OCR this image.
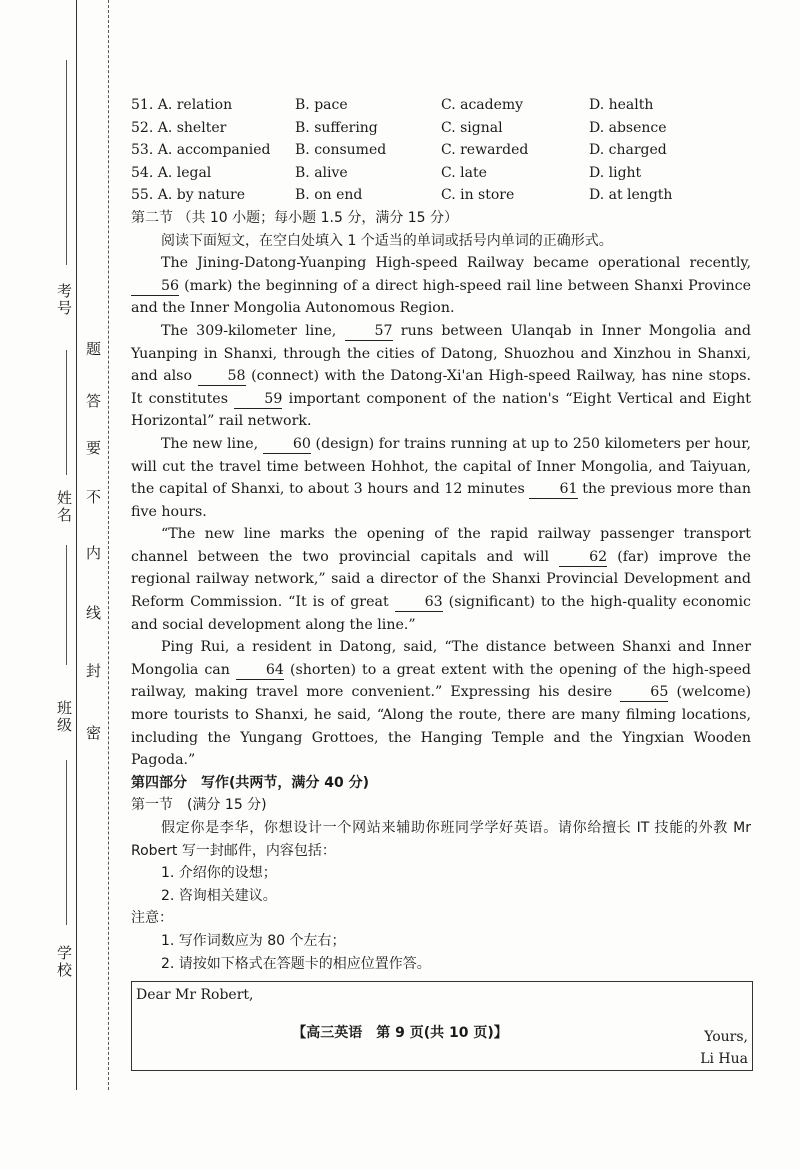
考号
姓名
班级
学校
密
封
线
内
不
要
答
题
51. A. relation	B. pace	C. academy	D. health
52. A. shelter	B. suffering	C. signal	D. absence
53. A. accompanied	B. consumed	C. rewarded	D. charged
54. A. legal	B. alive	C. late	D. light
55. A. by nature	B. on end	C. in store	D. at length

第二节 （共 10 小题；每小题 1.5 分，满分 15 分）

阅读下面短文，在空白处填入 1 个适当的单词或括号内单词的正确形式。

The Jining-Datong-Yuanping High-speed Railway became operational recently, 56 (mark) the beginning of a direct high-speed rail line between Shanxi Province and the Inner Mongolia Autonomous Region.

The 309-kilometer line,	57 runs between Ulanqab in Inner Mongolia and Yuanping in Shanxi, through the cities of Datong, Shuozhou and Xinzhou in Shanxi, and also	58 (connect) with the Datong-Xi'an High-speed Railway, has nine stops. It constitutes	59 important component of the nation's “Eight Vertical and Eight Horizontal” rail network.

The new line, 60 (design) for trains running at up to 250 kilometers per hour, will cut the travel time between Hohhot, the capital of Inner Mongolia, and Taiyuan, the capital of Shanxi, to about 3 hours and 12 minutes 61 the previous more than five hours.

“The new line marks the opening of the rapid railway passenger transport channel between the two provincial capitals and will	62 (far) improve the regional railway network,” said a director of the Shanxi Provincial Development and Reform Commission. “It is of great	63 (significant) to the high-quality economic and social development along the line.”

Ping Rui, a resident in Datong, said, “The distance between Shanxi and Inner Mongolia can	64 (shorten) to a great extent with the opening of the high-speed railway, making travel more convenient.” Expressing his desire	65 (welcome) more tourists to Shanxi, he said, “Along the route, there are many filming locations, including the Yungang Grottoes, the Hanging Temple and the Yingxian Wooden Pagoda.”

第四部分　写作(共两节，满分 40 分)

第一节　(满分 15 分)

假定你是李华，你想设计一个网站来辅助你班同学学好英语。请你给擅长 IT 技能的外教 Mr Robert 写一封邮件，内容包括：

1. 介绍你的设想；

2. 咨询相关建议。

注意：

1. 写作词数应为 80 个左右；

2. 请按如下格式在答题卡的相应位置作答。

Dear Mr Robert,
Yours,
Li Hua
【高三英语　第 9 页(共 10 页)】
